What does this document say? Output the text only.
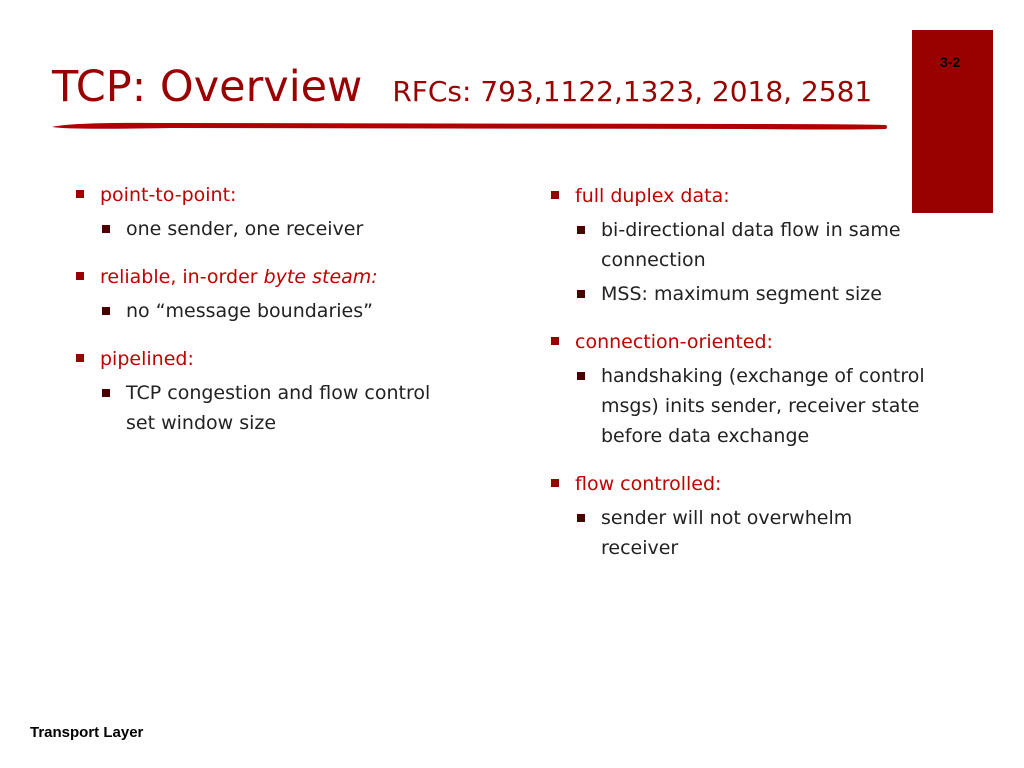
3-2
TCP: Overview RFCs: 793,1122,1323, 2018, 2581
point-to-point:
one sender, one receiver
reliable, in-order byte steam:
no “message boundaries”
pipelined:
TCP congestion and flow control set window size
full duplex data:
bi-directional data flow in same connection
MSS: maximum segment size
connection-oriented:
handshaking (exchange of control msgs) inits sender, receiver state before data exchange
flow controlled:
sender will not overwhelm receiver
Transport Layer
